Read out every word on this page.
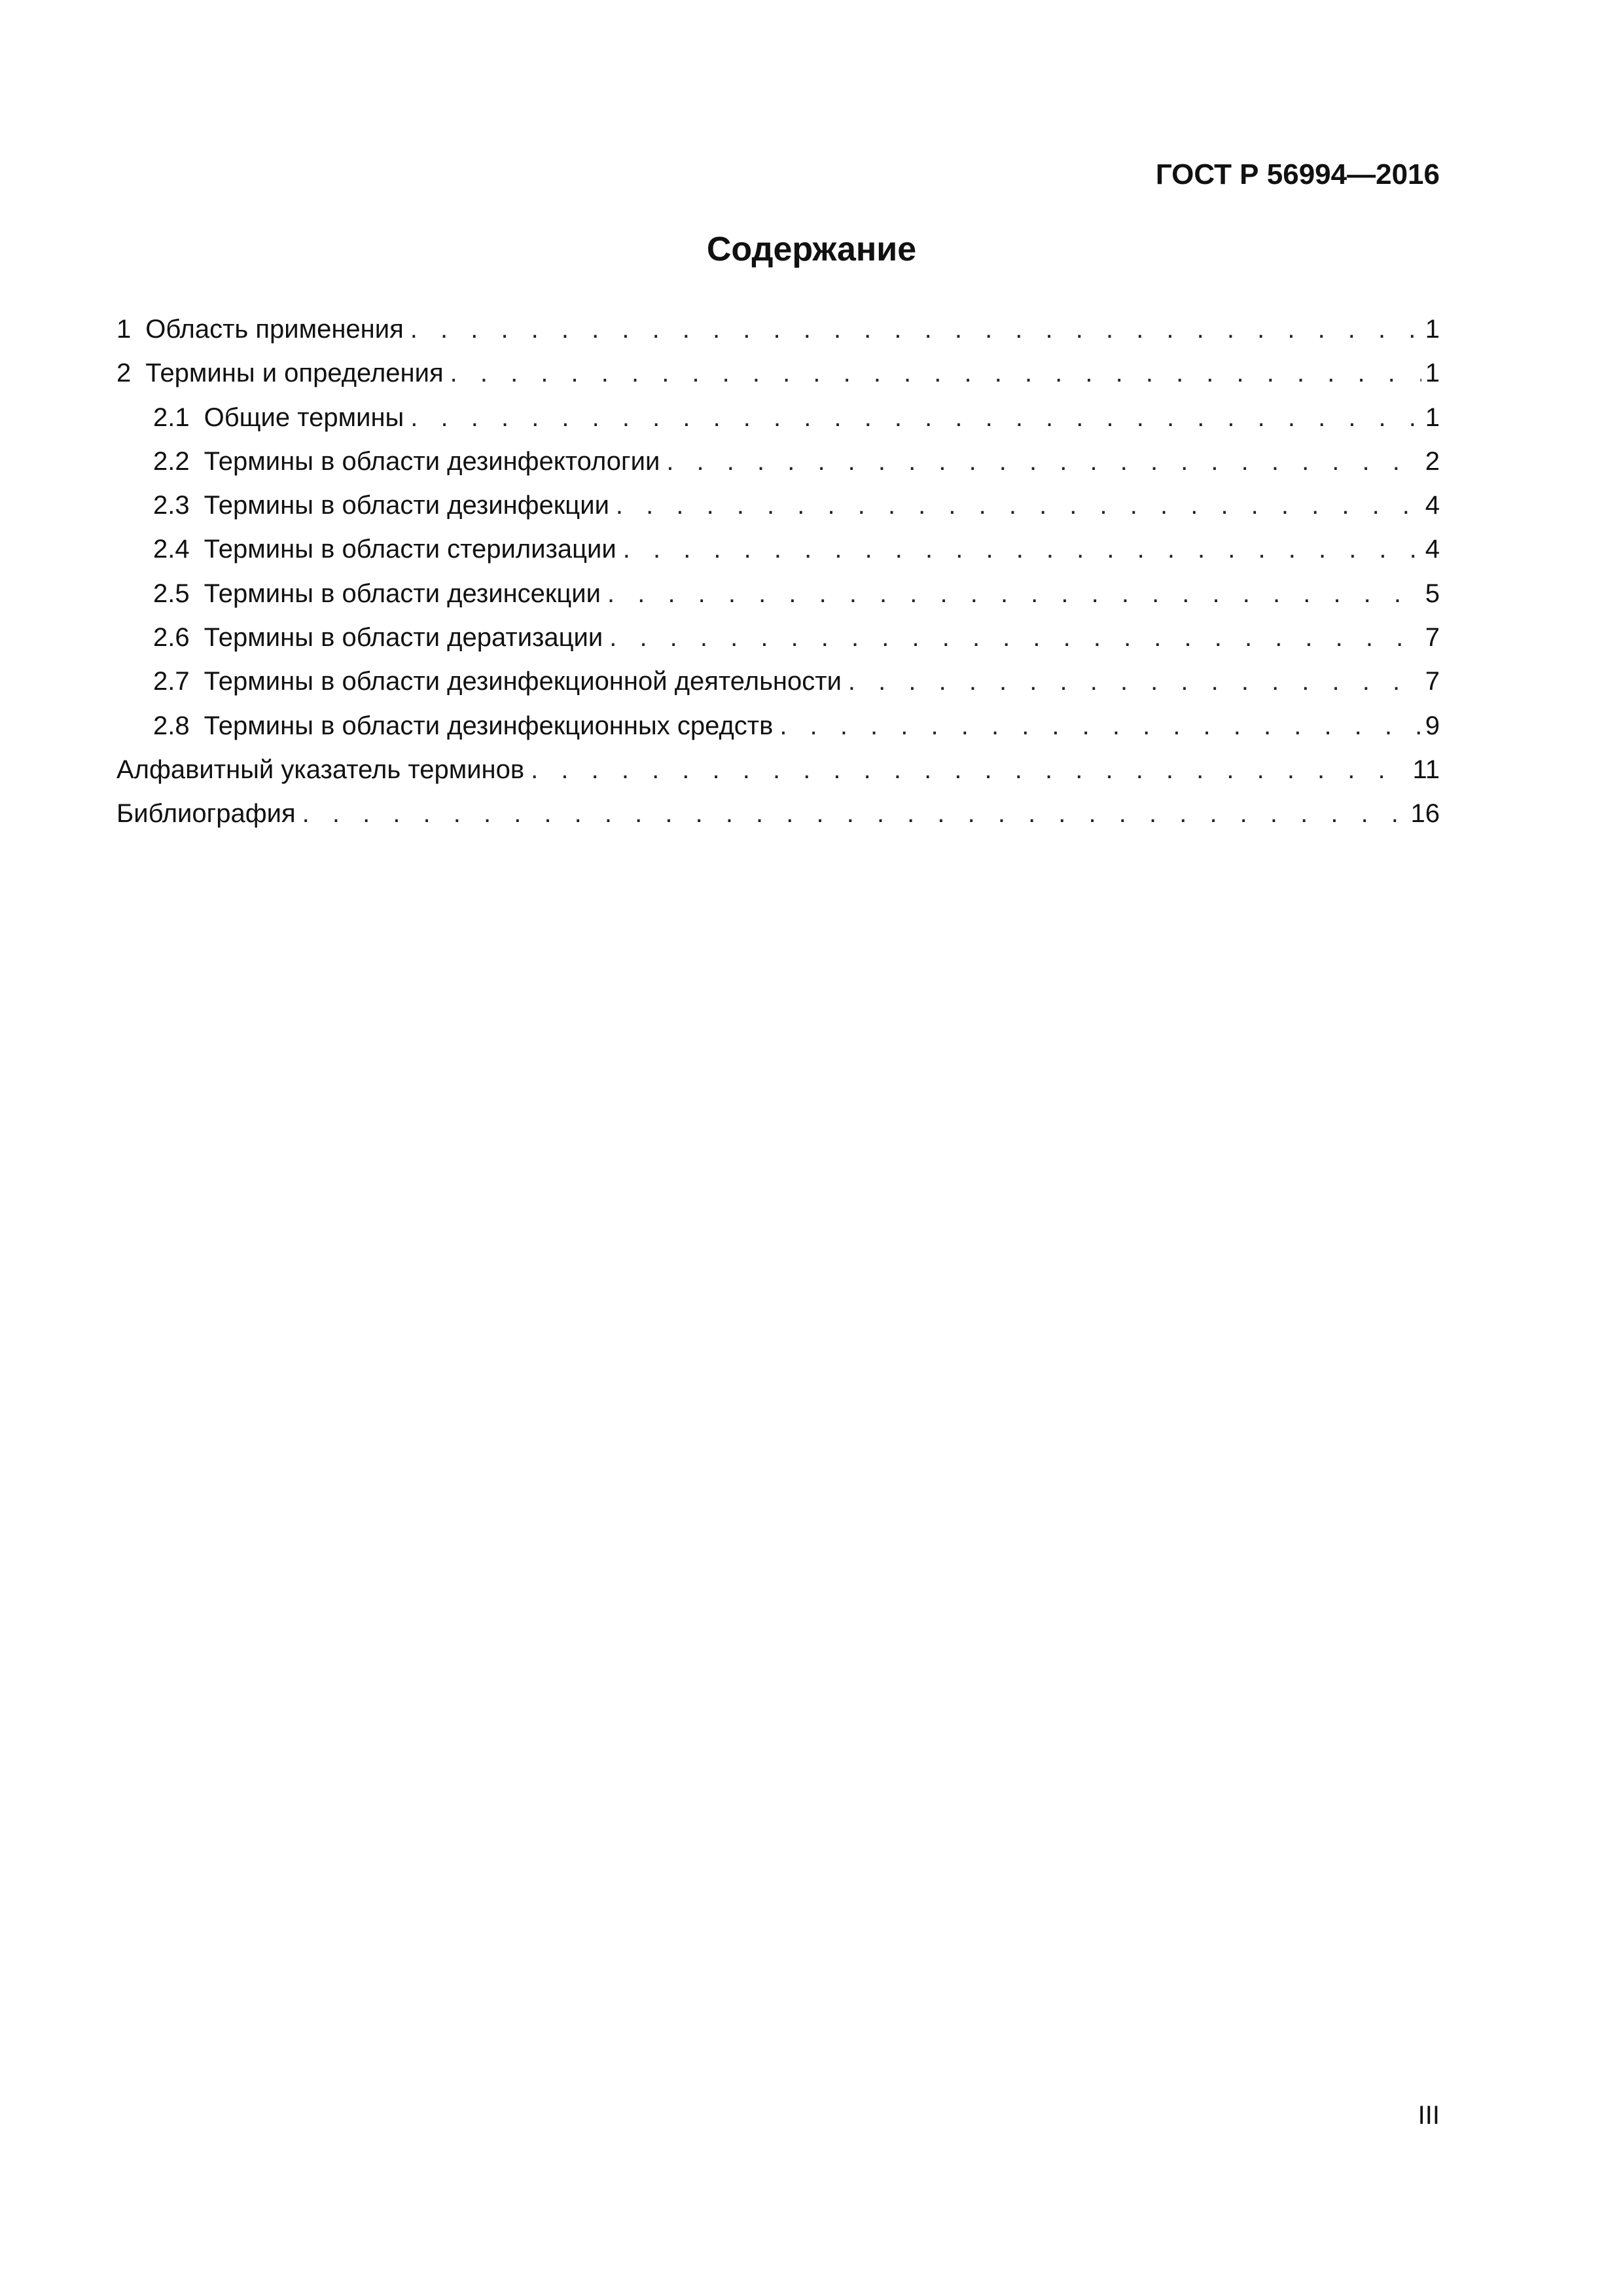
ГОСТ Р 56994—2016
Содержание
1 Область применения . . .	1
2 Термины и определения . . .	1
2.1 Общие термины . . .	1
2.2 Термины в области дезинфектологии . . .	2
2.3 Термины в области дезинфекции . . .	4
2.4 Термины в области стерилизации . . .	4
2.5 Термины в области дезинсекции . . .	5
2.6 Термины в области дератизации . . .	7
2.7 Термины в области дезинфекционной деятельности . . .	7
2.8 Термины в области дезинфекционных средств . . .	9
Алфавитный указатель терминов . . .	11
Библиография . . .	16
III
